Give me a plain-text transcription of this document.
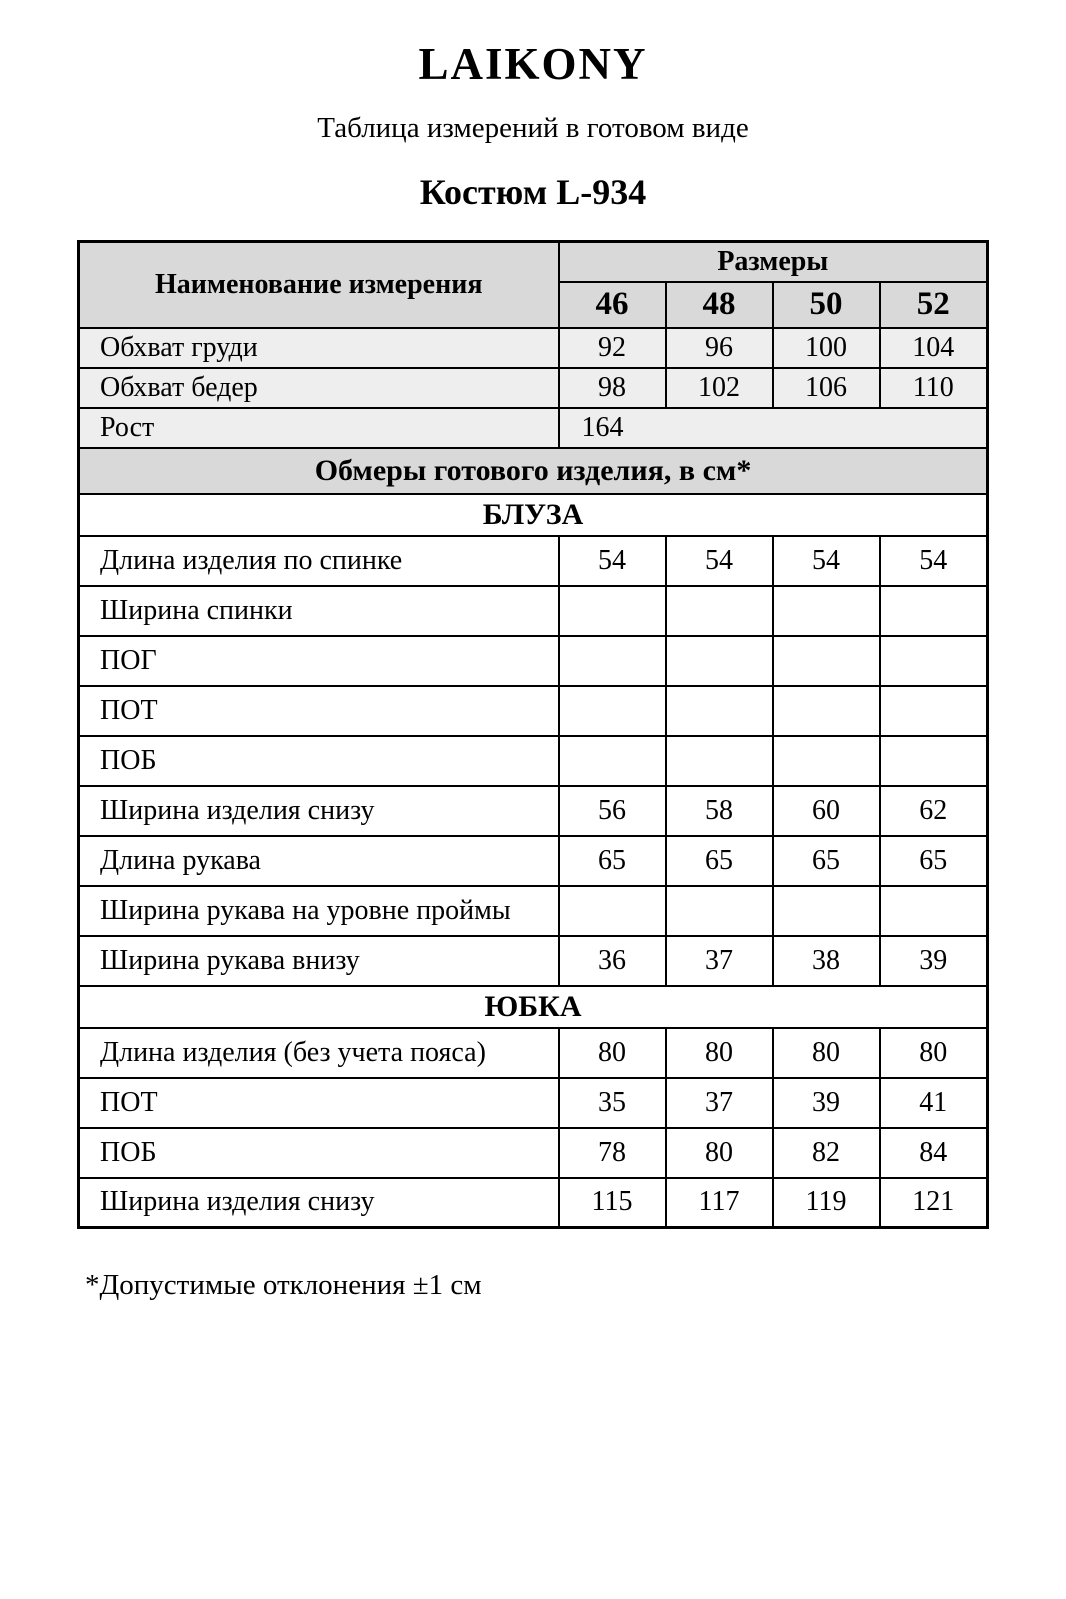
LAIKONY
Таблица измерений в готовом виде
Костюм L-934
Наименование измерения	Размеры			
	46	48	50	52
Обхват груди	92	96	100	104
Обхват бедер	98	102	106	110
Рост	164			
Обмеры готового изделия, в см*				
БЛУЗА				
Длина изделия по спинке	54	54	54	54
Ширина спинки				
ПОГ				
ПОТ				
ПОБ				
Ширина изделия снизу	56	58	60	62
Длина рукава	65	65	65	65
Ширина рукава на уровне проймы				
Ширина рукава внизу	36	37	38	39
ЮБКА				
Длина изделия (без учета пояса)	80	80	80	80
ПОТ	35	37	39	41
ПОБ	78	80	82	84
Ширина изделия снизу	115	117	119	121
*Допустимые отклонения ±1 см
